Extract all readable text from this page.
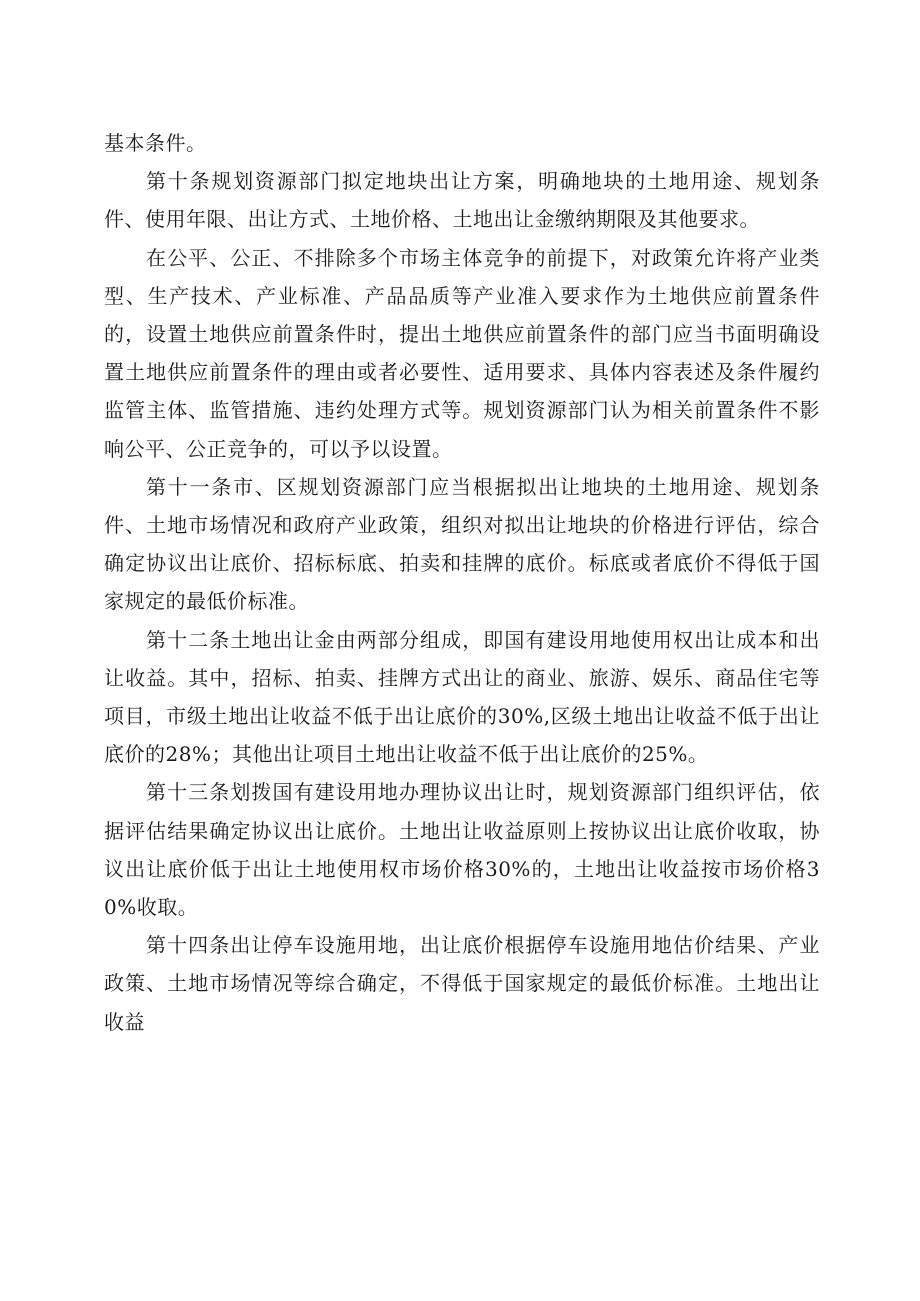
基本条件。

第十条规划资源部门拟定地块出让方案，明确地块的土地用途、规划条件、使用年限、出让方式、土地价格、土地出让金缴纳期限及其他要求。

在公平、公正、不排除多个市场主体竞争的前提下，对政策允许将产业类型、生产技术、产业标准、产品品质等产业准入要求作为土地供应前置条件的，设置土地供应前置条件时，提出土地供应前置条件的部门应当书面明确设置土地供应前置条件的理由或者必要性、适用要求、具体内容表述及条件履约监管主体、监管措施、违约处理方式等。规划资源部门认为相关前置条件不影响公平、公正竞争的，可以予以设置。

第十一条市、区规划资源部门应当根据拟出让地块的土地用途、规划条件、土地市场情况和政府产业政策，组织对拟出让地块的价格进行评估，综合确定协议出让底价、招标标底、拍卖和挂牌的底价。标底或者底价不得低于国家规定的最低价标准。

第十二条土地出让金由两部分组成，即国有建设用地使用权出让成本和出让收益。其中，招标、拍卖、挂牌方式出让的商业、旅游、娱乐、商品住宅等项目，市级土地出让收益不低于出让底价的30%,区级土地出让收益不低于出让底价的28%；其他出让项目土地出让收益不低于出让底价的25%。

第十三条划拨国有建设用地办理协议出让时，规划资源部门组织评估，依据评估结果确定协议出让底价。土地出让收益原则上按协议出让底价收取，协议出让底价低于出让土地使用权市场价格30%的，土地出让收益按市场价格30%收取。

第十四条出让停车设施用地，出让底价根据停车设施用地估价结果、产业政策、土地市场情况等综合确定，不得低于国家规定的最低价标准。土地出让收益
